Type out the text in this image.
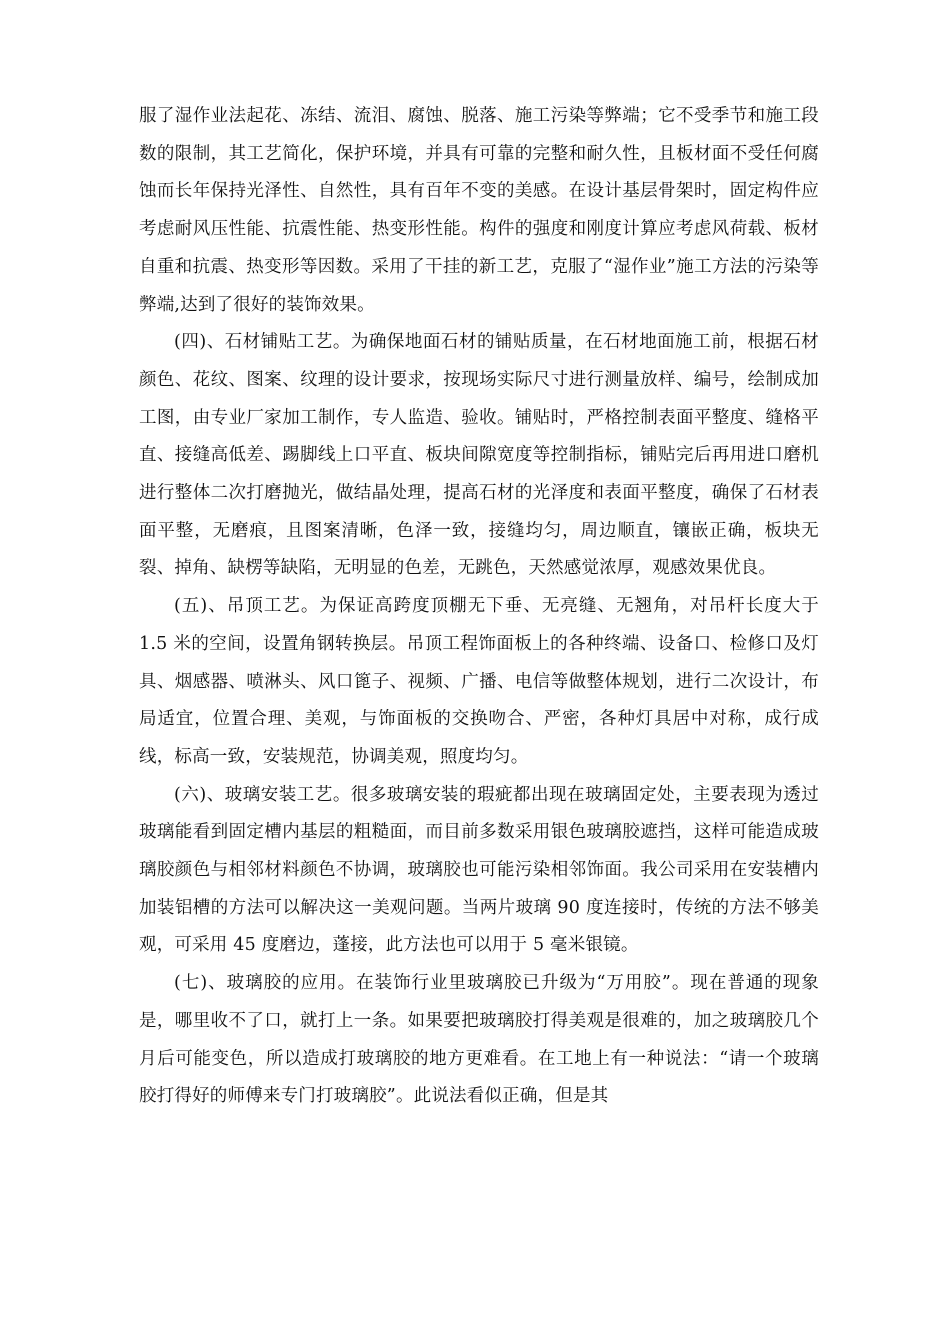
服了湿作业法起花、冻结、流泪、腐蚀、脱落、施工污染等弊端；它不受季节和施工段数的限制，其工艺简化，保护环境，并具有可靠的完整和耐久性，且板材面不受任何腐蚀而长年保持光泽性、自然性，具有百年不变的美感。在设计基层骨架时，固定构件应考虑耐风压性能、抗震性能、热变形性能。构件的强度和刚度计算应考虑风荷载、板材自重和抗震、热变形等因数。采用了干挂的新工艺，克服了“湿作业”施工方法的污染等弊端,达到了很好的装饰效果。

(四)、石材铺贴工艺。为确保地面石材的铺贴质量，在石材地面施工前，根据石材颜色、花纹、图案、纹理的设计要求，按现场实际尺寸进行测量放样、编号，绘制成加工图，由专业厂家加工制作，专人监造、验收。铺贴时，严格控制表面平整度、缝格平直、接缝高低差、踢脚线上口平直、板块间隙宽度等控制指标，铺贴完后再用进口磨机进行整体二次打磨抛光，做结晶处理，提高石材的光泽度和表面平整度，确保了石材表面平整，无磨痕，且图案清晰，色泽一致，接缝均匀，周边顺直，镶嵌正确，板块无裂、掉角、缺楞等缺陷，无明显的色差，无跳色，天然感觉浓厚，观感效果优良。

(五)、吊顶工艺。为保证高跨度顶棚无下垂、无亮缝、无翘角，对吊杆长度大于 1.5 米的空间，设置角钢转换层。吊顶工程饰面板上的各种终端、设备口、检修口及灯具、烟感器、喷淋头、风口篦子、视频、广播、电信等做整体规划，进行二次设计，布局适宜，位置合理、美观，与饰面板的交换吻合、严密，各种灯具居中对称，成行成线，标高一致，安装规范，协调美观，照度均匀。

(六)、玻璃安装工艺。很多玻璃安装的瑕疵都出现在玻璃固定处，主要表现为透过玻璃能看到固定槽内基层的粗糙面，而目前多数采用银色玻璃胶遮挡，这样可能造成玻璃胶颜色与相邻材料颜色不协调，玻璃胶也可能污染相邻饰面。我公司采用在安装槽内加装铝槽的方法可以解决这一美观问题。当两片玻璃 90 度连接时，传统的方法不够美观，可采用 45 度磨边，蓬接，此方法也可以用于 5 毫米银镜。

(七)、玻璃胶的应用。在装饰行业里玻璃胶已升级为“万用胶”。现在普通的现象是，哪里收不了口，就打上一条。如果要把玻璃胶打得美观是很难的，加之玻璃胶几个月后可能变色，所以造成打玻璃胶的地方更难看。在工地上有一种说法：“请一个玻璃胶打得好的师傅来专门打玻璃胶”。此说法看似正确，但是其
